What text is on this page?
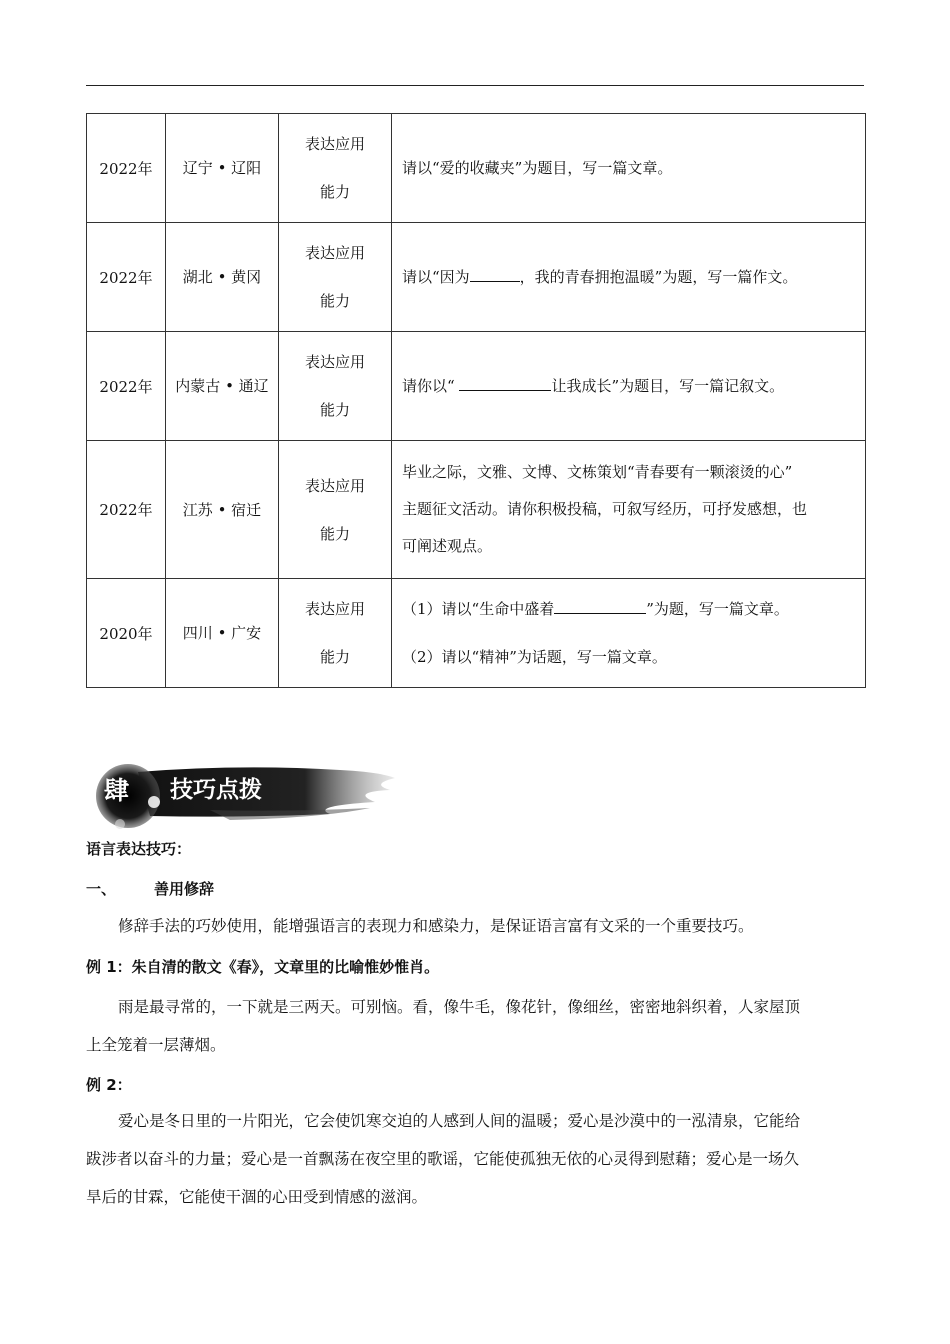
2022年	辽宁 • 辽阳	表达应用
能力	请以“爱的收藏夹”为题目，写一篇文章。

2022年	湖北 • 黄冈	表达应用
能力	请以“因为 ，我的青春拥抱温暖”为题，写一篇作文。
2022年	内蒙古 • 通辽	表达应用
能力	请你以“ 让我成长”为题目，写一篇记叙文。
2022年	江苏 • 宿迁	表达应用
能力	毕业之际，文雅、文博、文栋策划“青春要有一颗滚烫的心”
主题征文活动。请你积极投稿，可叙写经历，可抒发感想，也
可阐述观点。

2020年	四川 • 广安	表达应用
能力	（1）请以“生命中盛着 ”为题，写一篇文章。
（2）请以“精神”为话题，写一篇文章。
肆 技巧点拨
语言表达技巧：
一、	善用修辞
修辞手法的巧妙使用，能增强语言的表现力和感染力，是保证语言富有文采的一个重要技巧。
例 1：朱自清的散文《春》，文章里的比喻惟妙惟肖。
雨是最寻常的，一下就是三两天。可别恼。看，像牛毛，像花针，像细丝，密密地斜织着，人家屋顶
上全笼着一层薄烟。
例 2：
爱心是冬日里的一片阳光，它会使饥寒交迫的人感到人间的温暖；爱心是沙漠中的一泓清泉，它能给
跋涉者以奋斗的力量；爱心是一首飘荡在夜空里的歌谣，它能使孤独无依的心灵得到慰藉；爱心是一场久
旱后的甘霖，它能使干涸的心田受到情感的滋润。
